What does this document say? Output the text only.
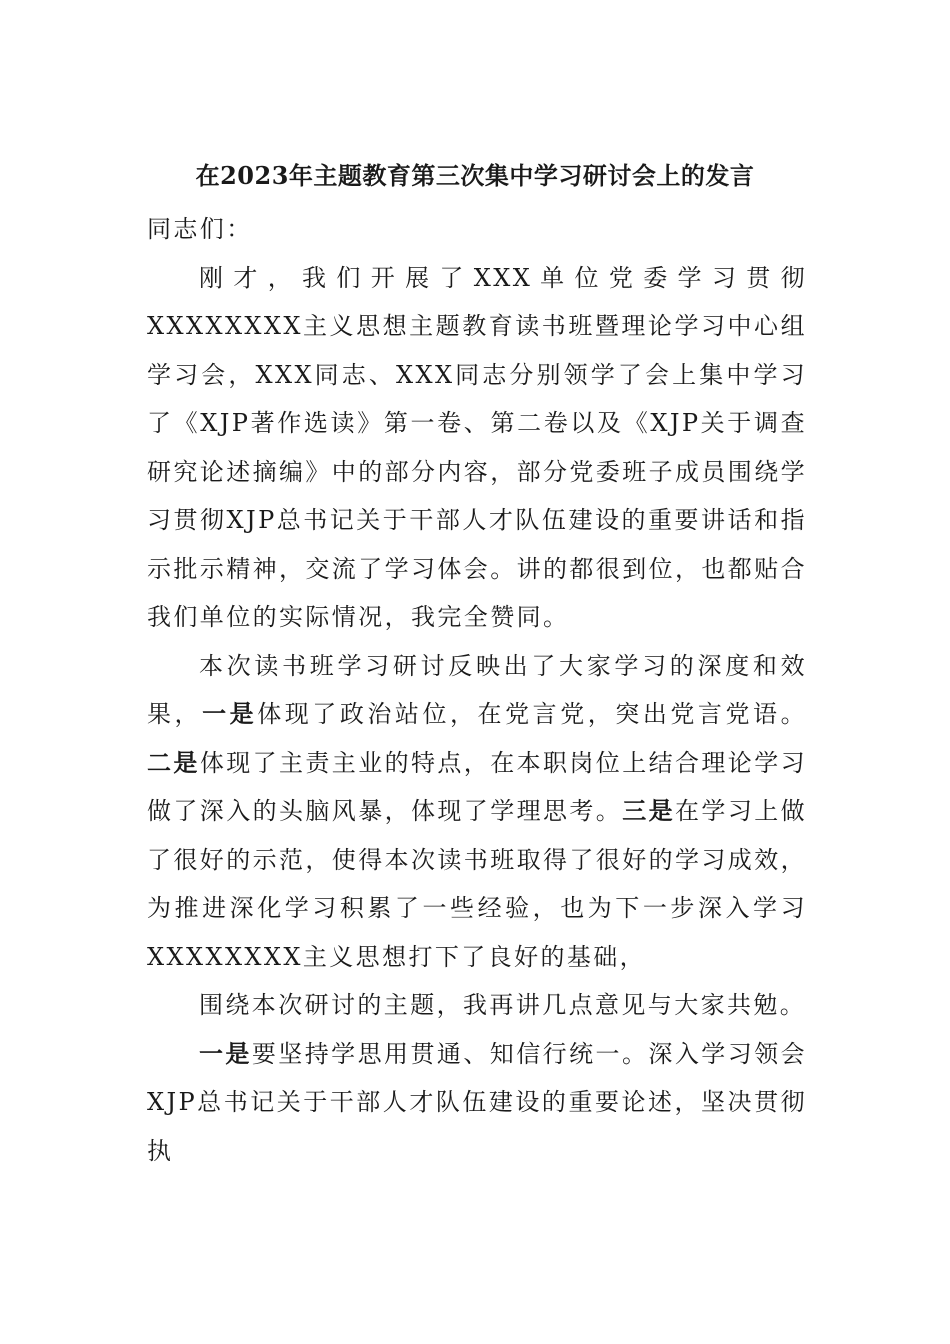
在2023年主题教育第三次集中学习研讨会上的发言

同志们：

刚才，我们开展了XXX单位党委学习贯彻XXXXXXXX主义思想主题教育读书班暨理论学习中心组学习会，XXX同志、XXX同志分别领学了会上集中学习了《XJP著作选读》第一卷、第二卷以及《XJP关于调查研究论述摘编》中的部分内容，部分党委班子成员围绕学习贯彻XJP总书记关于干部人才队伍建设的重要讲话和指示批示精神，交流了学习体会。讲的都很到位，也都贴合我们单位的实际情况，我完全赞同。

本次读书班学习研讨反映出了大家学习的深度和效果，一是体现了政治站位，在党言党，突出党言党语。二是体现了主责主业的特点，在本职岗位上结合理论学习做了深入的头脑风暴，体现了学理思考。三是在学习上做了很好的示范，使得本次读书班取得了很好的学习成效，为推进深化学习积累了一些经验，也为下一步深入学习XXXXXXXX主义思想打下了良好的基础，

围绕本次研讨的主题，我再讲几点意见与大家共勉。

一是要坚持学思用贯通、知信行统一。深入学习领会XJP总书记关于干部人才队伍建设的重要论述，坚决贯彻执
